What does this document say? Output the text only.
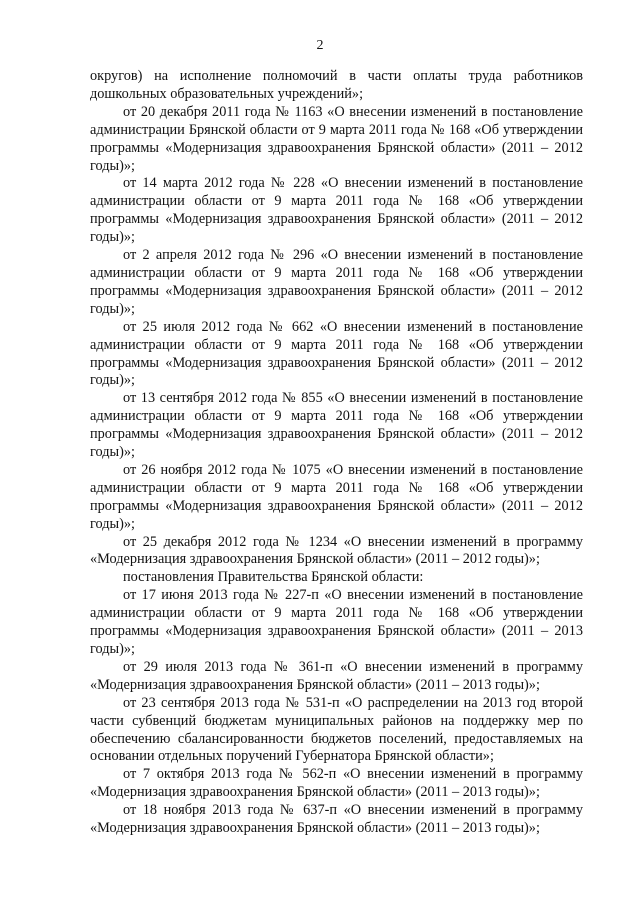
2

округов) на исполнение полномочий в части оплаты труда работников дошкольных образовательных учреждений»;

от 20 декабря 2011 года № 1163 «О внесении изменений в постановление администрации Брянской области от 9 марта 2011 года № 168 «Об утверждении программы «Модернизация здравоохранения Брянской области» (2011 – 2012 годы)»;

от 14 марта 2012 года № 228 «О внесении изменений в постановление администрации области от 9 марта 2011 года № 168 «Об утверждении программы «Модернизация здравоохранения Брянской области» (2011 – 2012 годы)»;

от 2 апреля 2012 года № 296 «О внесении изменений в постановление администрации области от 9 марта 2011 года № 168 «Об утверждении программы «Модернизация здравоохранения Брянской области» (2011 – 2012 годы)»;

от 25 июля 2012 года № 662 «О внесении изменений в постановление администрации области от 9 марта 2011 года № 168 «Об утверждении программы «Модернизация здравоохранения Брянской области» (2011 – 2012 годы)»;

от 13 сентября 2012 года № 855 «О внесении изменений в постановление администрации области от 9 марта 2011 года № 168 «Об утверждении программы «Модернизация здравоохранения Брянской области» (2011 – 2012 годы)»;

от 26 ноября 2012 года № 1075 «О внесении изменений в постановление администрации области от 9 марта 2011 года № 168 «Об утверждении программы «Модернизация здравоохранения Брянской области» (2011 – 2012 годы)»;

от 25 декабря 2012 года № 1234 «О внесении изменений в программу «Модернизация здравоохранения Брянской области» (2011 – 2012 годы)»;

постановления Правительства Брянской области:

от 17 июня 2013 года № 227-п «О внесении изменений в постановление администрации области от 9 марта 2011 года № 168 «Об утверждении программы «Модернизация здравоохранения Брянской области» (2011 – 2013 годы)»;

от 29 июля 2013 года № 361-п «О внесении изменений в программу «Модернизация здравоохранения Брянской области» (2011 – 2013 годы)»;

от 23 сентября 2013 года № 531-п «О распределении на 2013 год второй части субвенций бюджетам муниципальных районов на поддержку мер по обеспечению сбалансированности бюджетов поселений, предоставляемых на основании отдельных поручений Губернатора Брянской области»;

от 7 октября 2013 года № 562-п «О внесении изменений в программу «Модернизация здравоохранения Брянской области» (2011 – 2013 годы)»;

от 18 ноября 2013 года № 637-п «О внесении изменений в программу «Модернизация здравоохранения Брянской области» (2011 – 2013 годы)»;
